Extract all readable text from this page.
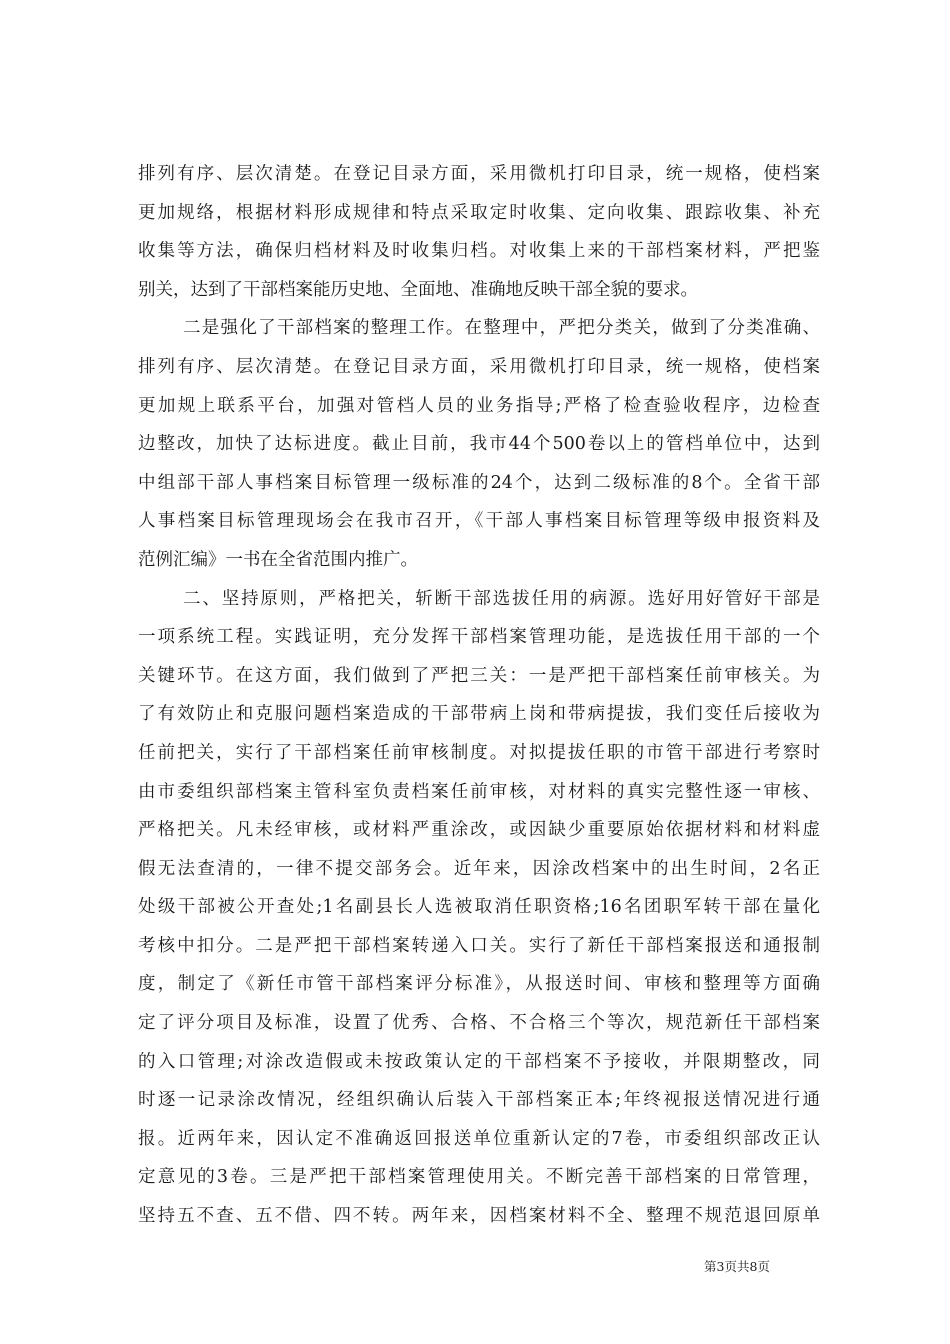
排列有序、层次清楚。在登记目录方面，采用微机打印目录，统一规格，使档案
更加规络，根据材料形成规律和特点采取定时收集、定向收集、跟踪收集、补充
收集等方法，确保归档材料及时收集归档。对收集上来的干部档案材料，严把鉴
别关，达到了干部档案能历史地、全面地、准确地反映干部全貌的要求。
二是强化了干部档案的整理工作。在整理中，严把分类关，做到了分类准确、
排列有序、层次清楚。在登记目录方面，采用微机打印目录，统一规格，使档案
更加规上联系平台，加强对管档人员的业务指导;严格了检查验收程序，边检查
边整改，加快了达标进度。截止目前，我市44个500卷以上的管档单位中，达到
中组部干部人事档案目标管理一级标准的24个，达到二级标准的8个。全省干部
人事档案目标管理现场会在我市召开，《干部人事档案目标管理等级申报资料及
范例汇编》一书在全省范围内推广。
二、坚持原则，严格把关，斩断干部选拔任用的病源。选好用好管好干部是
一项系统工程。实践证明，充分发挥干部档案管理功能，是选拔任用干部的一个
关键环节。在这方面，我们做到了严把三关：一是严把干部档案任前审核关。为
了有效防止和克服问题档案造成的干部带病上岗和带病提拔，我们变任后接收为
任前把关，实行了干部档案任前审核制度。对拟提拔任职的市管干部进行考察时
由市委组织部档案主管科室负责档案任前审核，对材料的真实完整性逐一审核、
严格把关。凡未经审核，或材料严重涂改，或因缺少重要原始依据材料和材料虚
假无法查清的，一律不提交部务会。近年来，因涂改档案中的出生时间，2名正
处级干部被公开查处;1名副县长人选被取消任职资格;16名团职军转干部在量化
考核中扣分。二是严把干部档案转递入口关。实行了新任干部档案报送和通报制
度，制定了《新任市管干部档案评分标准》，从报送时间、审核和整理等方面确
定了评分项目及标准，设置了优秀、合格、不合格三个等次，规范新任干部档案
的入口管理;对涂改造假或未按政策认定的干部档案不予接收，并限期整改，同
时逐一记录涂改情况，经组织确认后装入干部档案正本;年终视报送情况进行通
报。近两年来，因认定不准确返回报送单位重新认定的7卷，市委组织部改正认
定意见的3卷。三是严把干部档案管理使用关。不断完善干部档案的日常管理，
坚持五不查、五不借、四不转。两年来，因档案材料不全、整理不规范退回原单
第3页共8页
